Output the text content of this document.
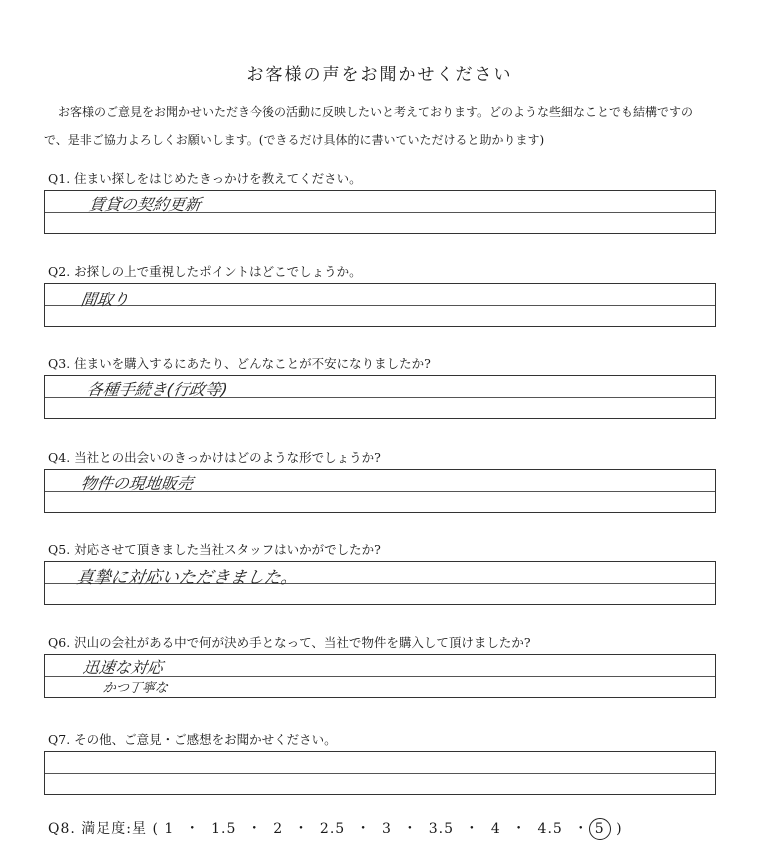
お客様の声をお聞かせください
お客様のご意見をお聞かせいただき今後の活動に反映したいと考えております。どのような些細なことでも結構ですので、是非ご協力よろしくお願いします。(できるだけ具体的に書いていただけると助かります)
Q1. 住まい探しをはじめたきっかけを教えてください。
賃貸の契約更新
Q2. お探しの上で重視したポイントはどこでしょうか。
間取り
Q3. 住まいを購入するにあたり、どんなことが不安になりましたか?
各種手続き(行政等)
Q4. 当社との出会いのきっかけはどのような形でしょうか?
物件の現地販売
Q5. 対応させて頂きました当社スタッフはいかがでしたか?
真摯に対応いただきました。
Q6. 沢山の会社がある中で何が決め手となって、当社で物件を購入して頂けましたか?
迅速な対応
かつ丁寧な
Q7. その他、ご意見・ご感想をお聞かせください。
Q8. 満足度:星 ( 1  ・  1.5  ・  2  ・  2.5  ・  3  ・  3.5  ・  4  ・  4.5  ・ 5 )
